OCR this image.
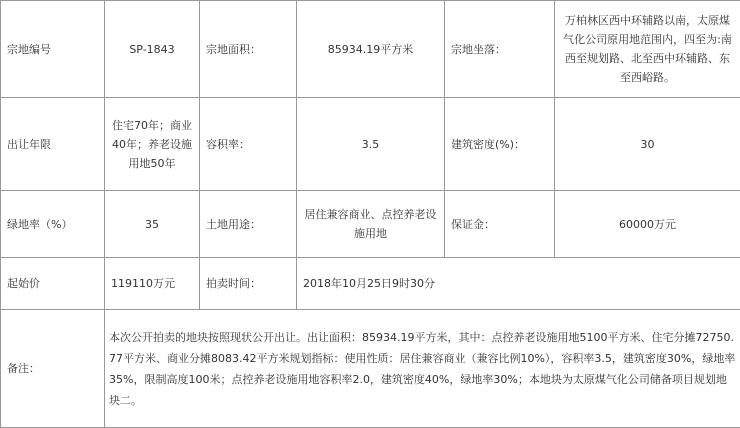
宗地编号	SP-1843	宗地面积：	85934.19平方米	宗地坐落：	万柏林区西中环辅路以南，太原煤气化公司原用地范围内，四至为:南西至规划路、北至西中环辅路、东至西峪路。
出让年限	住宅70年；商业40年；养老设施用地50年	容积率：	3.5	建筑密度(%)：	30
绿地率（%）	35	土地用途：	居住兼容商业、点控养老设施用地	保证金：	60000万元
起始价	119110万元	拍卖时间：	2018年10月25日9时30分		
备注：	本次公开拍卖的地块按照现状公开出让。出让面积：85934.19平方米，其中：点控养老设施用地5100平方米、住宅分摊72750.77平方米、商业分摊8083.42平方米规划指标：使用性质：居住兼容商业（兼容比例10%），容积率3.5，建筑密度30%，绿地率35%，限制高度100米；点控养老设施用地容积率2.0，建筑密度40%，绿地率30%；本地块为太原煤气化公司储备项目规划地块二。				
